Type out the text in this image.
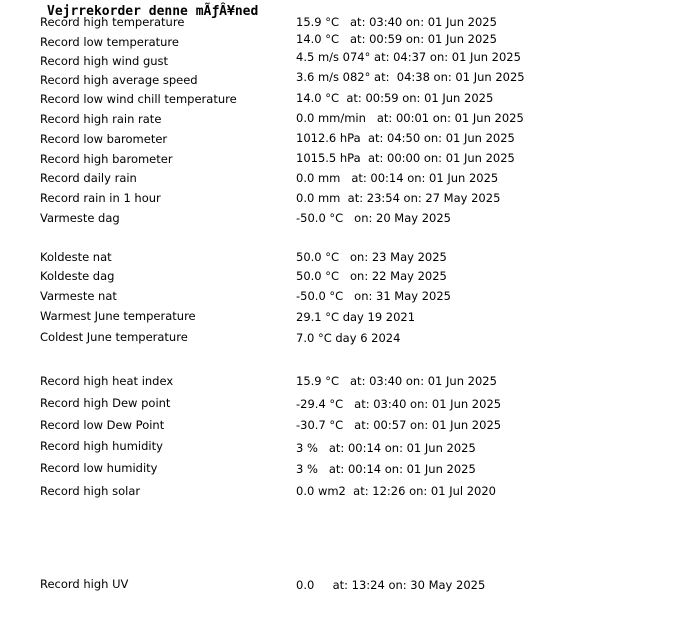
Vejrrekorder denne mÃƒÂ¥ned
Record high temperature	15.9 °C   at: 03:40 on: 01 Jun 2025
Record low temperature	14.0 °C   at: 00:59 on: 01 Jun 2025
Record high wind gust	4.5 m/s 074° at: 04:37 on: 01 Jun 2025
Record high average speed	3.6 m/s 082° at:  04:38 on: 01 Jun 2025
Record low wind chill temperature	14.0 °C  at: 00:59 on: 01 Jun 2025
Record high rain rate	0.0 mm/min   at: 00:01 on: 01 Jun 2025
Record low barometer	1012.6 hPa  at: 04:50 on: 01 Jun 2025
Record high barometer	1015.5 hPa  at: 00:00 on: 01 Jun 2025
Record daily rain	0.0 mm   at: 00:14 on: 01 Jun 2025
Record rain in 1 hour	0.0 mm  at: 23:54 on: 27 May 2025
Varmeste dag	-50.0 °C   on: 20 May 2025
Koldeste nat	50.0 °C   on: 23 May 2025
Koldeste dag	50.0 °C   on: 22 May 2025
Varmeste nat	-50.0 °C   on: 31 May 2025
Warmest June temperature	29.1 °C day 19 2021
Coldest June temperature	7.0 °C day 6 2024
Record high heat index	15.9 °C   at: 03:40 on: 01 Jun 2025
Record high Dew point	-29.4 °C   at: 03:40 on: 01 Jun 2025
Record low Dew Point	-30.7 °C   at: 00:57 on: 01 Jun 2025
Record high humidity	3 %   at: 00:14 on: 01 Jun 2025
Record low humidity	3 %   at: 00:14 on: 01 Jun 2025
Record high solar	0.0 wm2  at: 12:26 on: 01 Jul 2020
Record high UV	0.0     at: 13:24 on: 30 May 2025
